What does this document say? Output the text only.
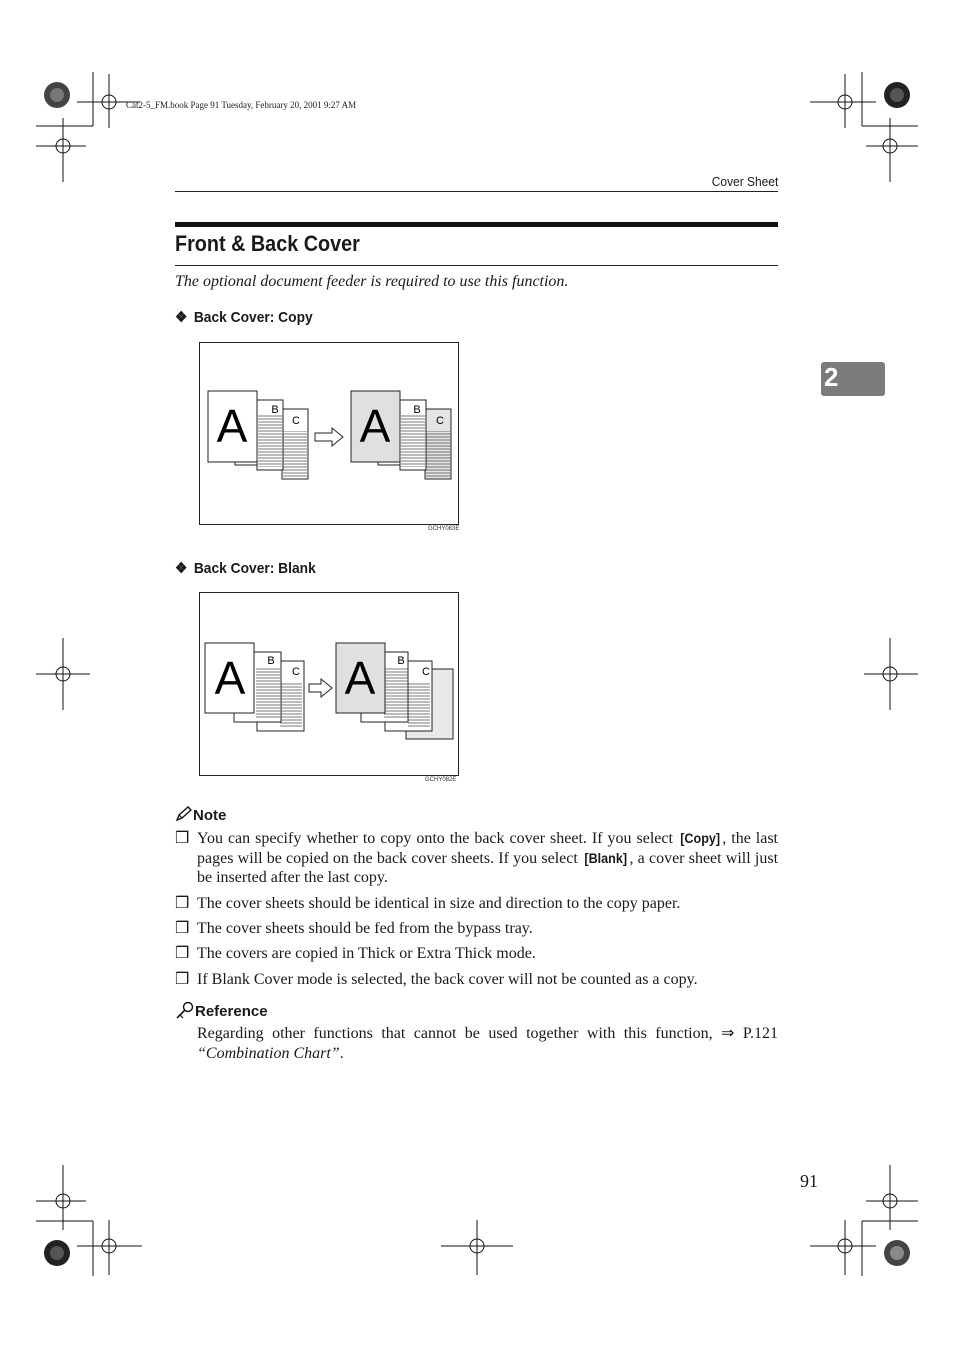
Cat2-5_FM.book Page 91 Tuesday, February 20, 2001 9:27 AM
Cover Sheet
2
Front & Back Cover
The optional document feeder is required to use this function.
❖ Back Cover: Copy
C
B
A	C
B
A
GCHY083E
❖ Back Cover: Blank
C
B
A	C
B
A
GCHY082E
Note
❒ You can specify whether to copy onto the back cover sheet. If you select [Copy] , the last pages will be copied on the back cover sheets. If you select [Blank] , a cover sheet will just be inserted after the last copy.
❒ The cover sheets should be identical in size and direction to the copy paper.
❒ The cover sheets should be fed from the bypass tray.
❒ The covers are copied in Thick or Extra Thick mode.
❒ If Blank Cover mode is selected, the back cover will not be counted as a copy.
Reference
Regarding other functions that cannot be used together with this function, ⇒ P.121 “Combination Chart”.
91
